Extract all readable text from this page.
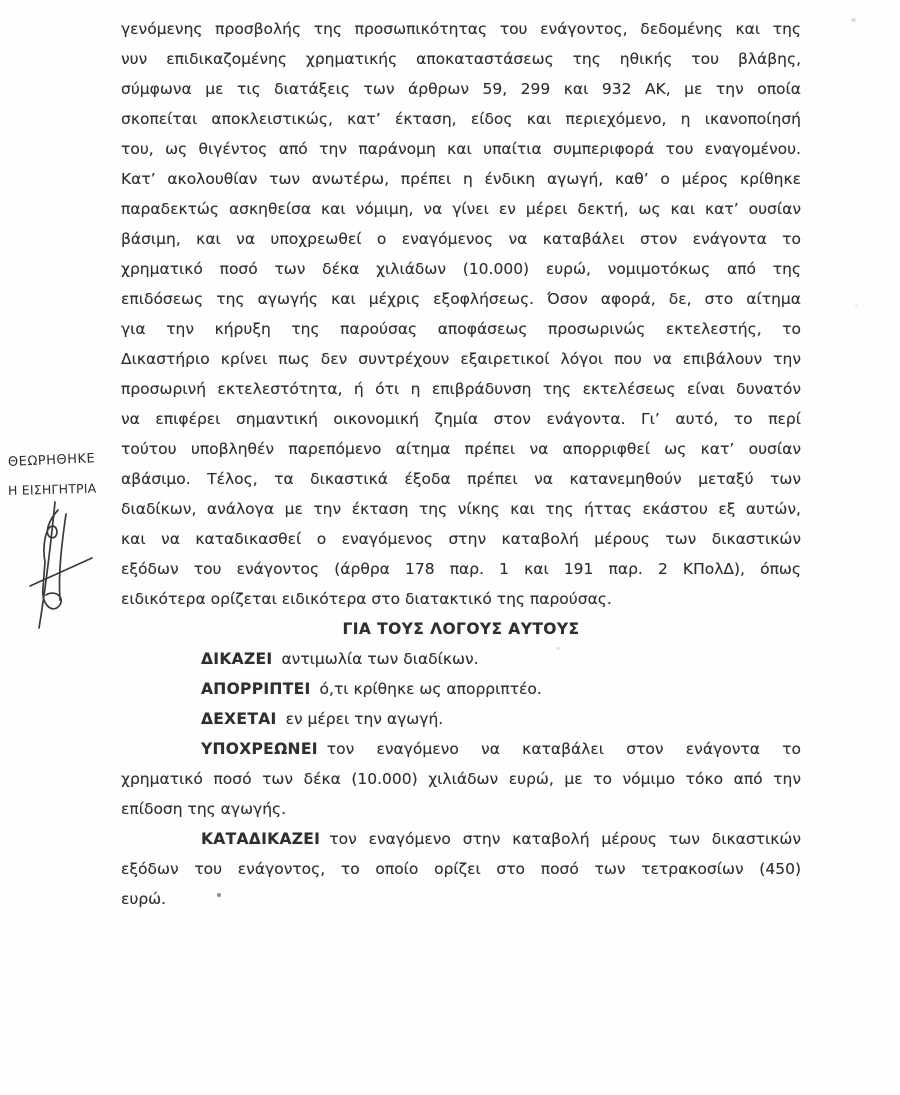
γενόμενης προσβολής της προσωπικότητας του ενάγοντος, δεδομένης και της
νυν επιδικαζομένης χρηματικής αποκαταστάσεως της ηθικής του βλάβης,
σύμφωνα με τις διατάξεις των άρθρων 59, 299 και 932 ΑΚ, με την οποία
σκοπείται αποκλειστικώς, κατ’ έκταση, είδος και περιεχόμενο, η ικανοποίησή
του, ως θιγέντος από την παράνομη και υπαίτια συμπεριφορά του εναγομένου.
Κατ’ ακολουθίαν των ανωτέρω, πρέπει η ένδικη αγωγή, καθ’ ο μέρος κρίθηκε
παραδεκτώς ασκηθείσα και νόμιμη, να γίνει εν μέρει δεκτή, ως και κατ’ ουσίαν
βάσιμη, και να υποχρεωθεί ο εναγόμενος να καταβάλει στον ενάγοντα το
χρηματικό ποσό των δέκα χιλιάδων (10.000) ευρώ, νομιμοτόκως από της
επιδόσεως της αγωγής και μέχρις εξοφλήσεως. Όσον αφορά, δε, στο αίτημα
για την κήρυξη της παρούσας αποφάσεως προσωρινώς εκτελεστής, το
Δικαστήριο κρίνει πως δεν συντρέχουν εξαιρετικοί λόγοι που να επιβάλουν την
προσωρινή εκτελεστότητα, ή ότι η επιβράδυνση της εκτελέσεως είναι δυνατόν
να επιφέρει σημαντική οικονομική ζημία στον ενάγοντα. Γι’ αυτό, το περί
τούτου υποβληθέν παρεπόμενο αίτημα πρέπει να απορριφθεί ως κατ’ ουσίαν
αβάσιμο. Τέλος, τα δικαστικά έξοδα πρέπει να κατανεμηθούν μεταξύ των
διαδίκων, ανάλογα με την έκταση της νίκης και της ήττας εκάστου εξ αυτών,
και να καταδικασθεί ο εναγόμενος στην καταβολή μέρους των δικαστικών
εξόδων του ενάγοντος (άρθρα 178 παρ. 1 και 191 παρ. 2 ΚΠολΔ), όπως
ειδικότερα ορίζεται ειδικότερα στο διατακτικό της παρούσας.
ΓΙΑ ΤΟΥΣ ΛΟΓΟΥΣ ΑΥΤΟΥΣ
ΔΙΚΑΖΕΙ αντιμωλία των διαδίκων.
ΑΠΟΡΡΙΠΤΕΙ ό,τι κρίθηκε ως απορριπτέο.
ΔΕΧΕΤΑΙ εν μέρει την αγωγή.
ΥΠΟΧΡΕΩΝΕΙ τον εναγόμενο να καταβάλει στον ενάγοντα το
χρηματικό ποσό των δέκα (10.000) χιλιάδων ευρώ, με το νόμιμο τόκο από την
επίδοση της αγωγής.
ΚΑΤΑΔΙΚΑΖΕΙ τον εναγόμενο στην καταβολή μέρους των δικαστικών
εξόδων του ενάγοντος, το οποίο ορίζει στο ποσό των τετρακοσίων (450)
ευρώ.
ΘΕΩΡΗΘΗΚΕ
Η ΕΙΣΗΓΗΤΡΙΑ
